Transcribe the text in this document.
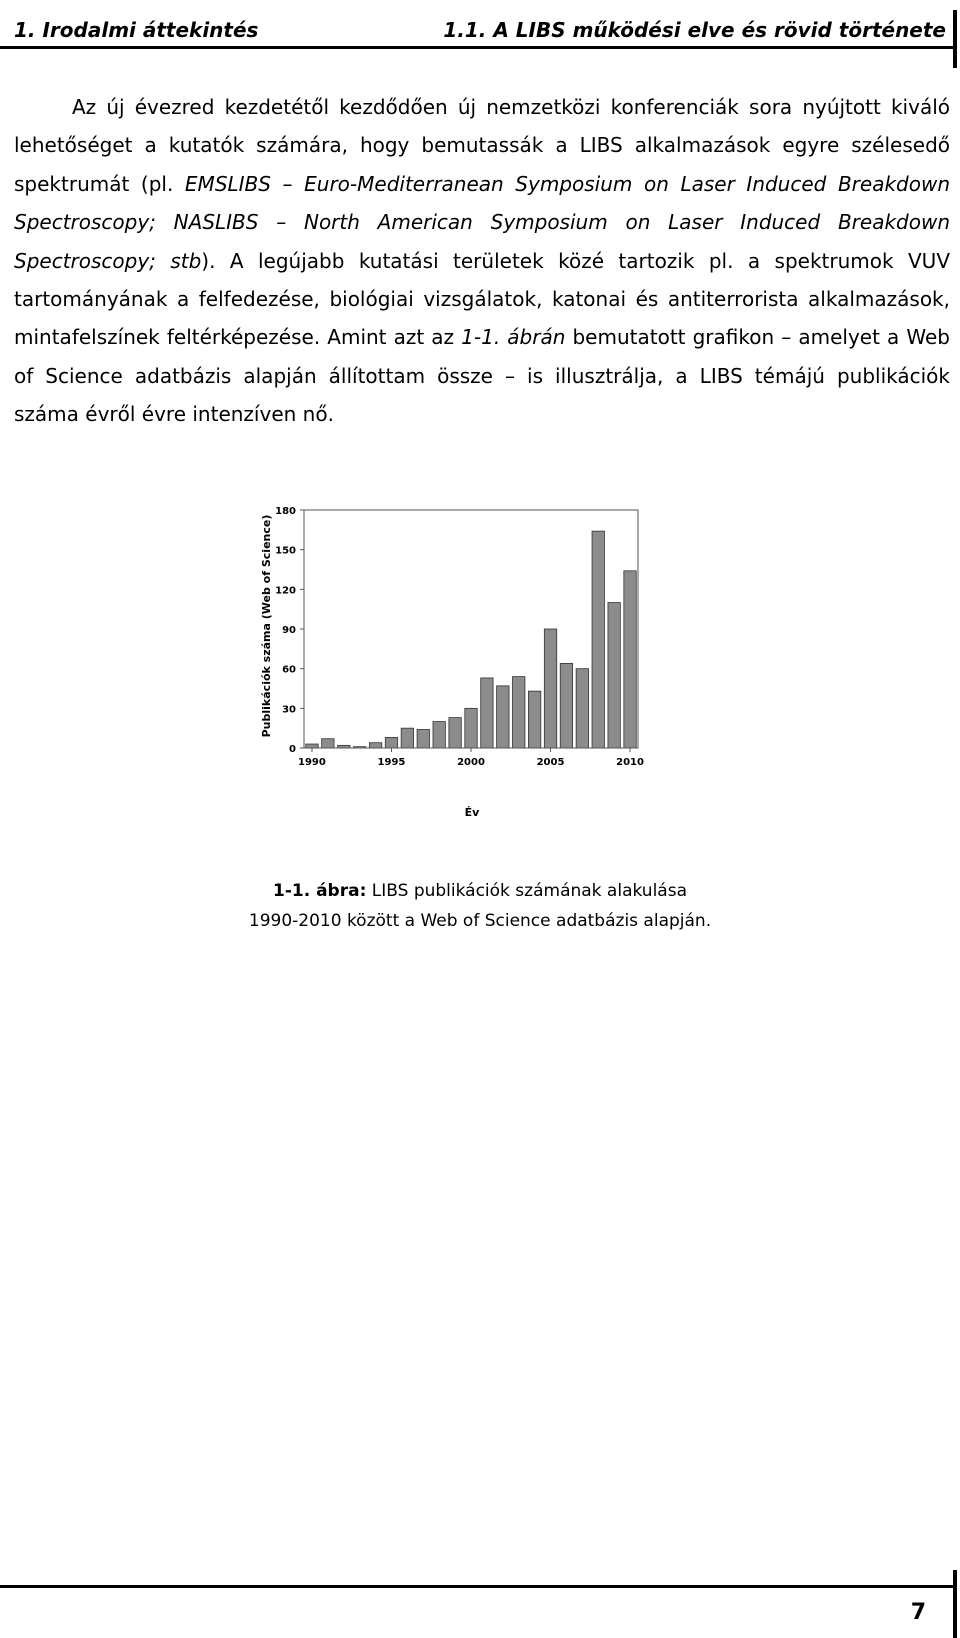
1. Irodalmi áttekintés	1.1. A LIBS működési elve és rövid története

Az új évezred kezdetétől kezdődően új nemzetközi konferenciák sora nyújtott kiváló lehetőséget a kutatók számára, hogy bemutassák a LIBS alkalmazások egyre szélesedő spektrumát (pl. EMSLIBS – Euro-Mediterranean Symposium on Laser Induced Breakdown Spectroscopy; NASLIBS – North American Symposium on Laser Induced Breakdown Spectroscopy; stb). A legújabb kutatási területek közé tartozik pl. a spektrumok VUV tartományának a felfedezése, biológiai vizsgálatok, katonai és antiterrorista alkalmazások, mintafelszínek feltérképezése. Amint azt az 1-1. ábrán bemutatott grafikon – amelyet a Web of Science adatbázis alapján állítottam össze – is illusztrálja, a LIBS témájú publikációk száma évről évre intenzíven nő.

Publikációk száma (Web of Science)
Év
0
30
60
90
120
150
180
1990	1995	2000	2005	2010
1-1. ábra: LIBS publikációk számának alakulása
1990-2010 között a Web of Science adatbázis alapján.
7
